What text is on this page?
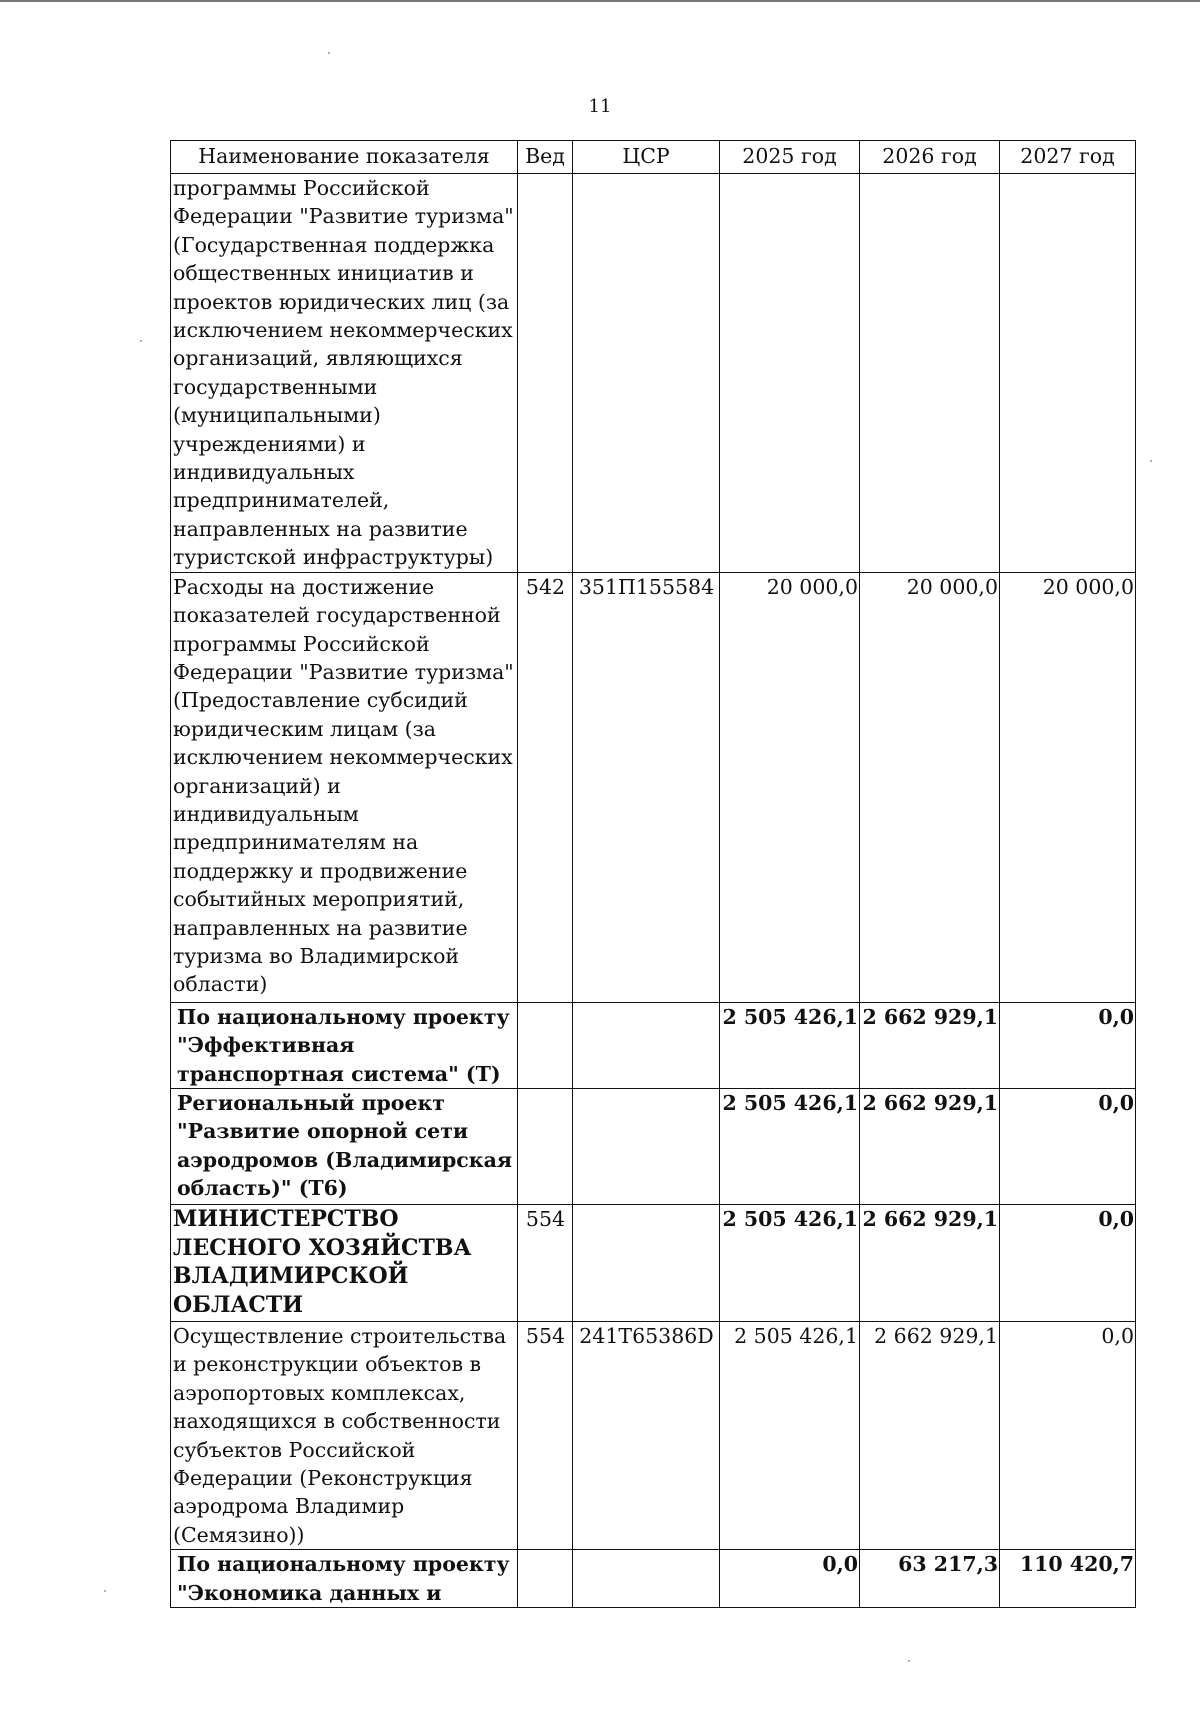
11
Наименование показателя	Вед	ЦСР	2025 год	2026 год	2027 год
программы Российской Федерации "Развитие туризма" (Государственная поддержка общественных инициатив и проектов юридических лиц (за исключением некоммерческих организаций, являющихся государственными (муниципальными) учреждениями) и индивидуальных предпринимателей, направленных на развитие туристской инфраструктуры)					
Расходы на достижение показателей государственной программы Российской Федерации "Развитие туризма" (Предоставление субсидий юридическим лицам (за исключением некоммерческих организаций) и индивидуальным предпринимателям на поддержку и продвижение событийных мероприятий, направленных на развитие туризма во Владимирской области)	542	351П155584	20 000,0	20 000,0	20 000,0
По национальному проекту "Эффективная транспортная система" (Т)			2 505 426,1	2 662 929,1	0,0
Региональный проект "Развитие опорной сети аэродромов (Владимирская область)" (Т6)			2 505 426,1	2 662 929,1	0,0
МИНИСТЕРСТВО ЛЕСНОГО ХОЗЯЙСТВА ВЛАДИМИРСКОЙ ОБЛАСТИ	554		2 505 426,1	2 662 929,1	0,0
Осуществление строительства и реконструкции объектов в аэропортовых комплексах, находящихся в собственности субъектов Российской Федерации (Реконструкция аэродрома Владимир (Семязино))	554	241Т65386D	2 505 426,1	2 662 929,1	0,0
По национальному проекту "Экономика данных и			0,0	63 217,3	110 420,7
